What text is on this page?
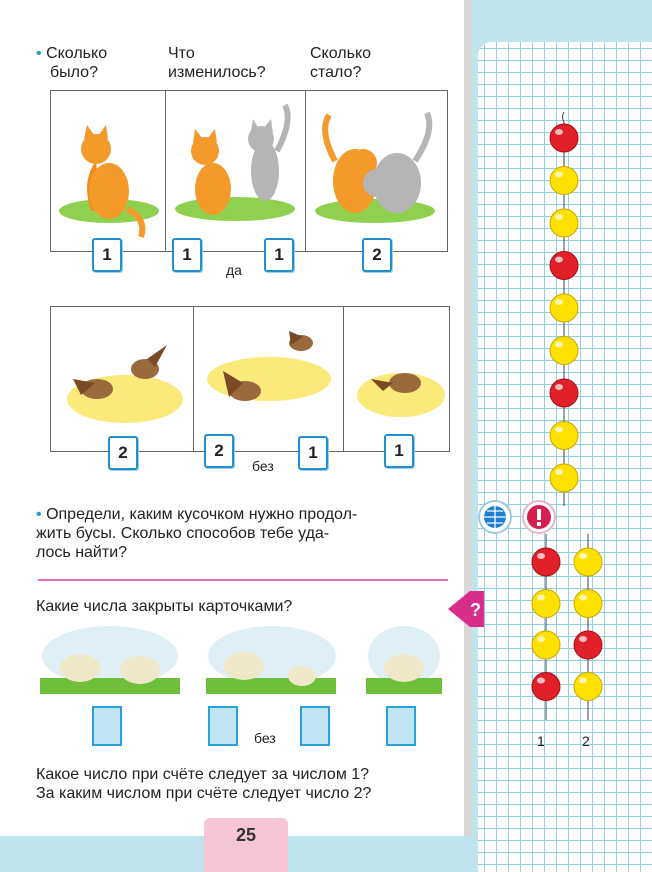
• Сколько
было?
Что
изменилось?
Сколько
стало?
1	1
да
1	2
2	2
без
1	1
• Определи, каким кусочком нужно продол-
жить бусы. Сколько способов тебе уда-
лось найти?
?
Какие числа закрыты карточками?
без
Какое число при счёте следует за числом 1?
За каким числом при счёте следует число 2?
25
1	2
